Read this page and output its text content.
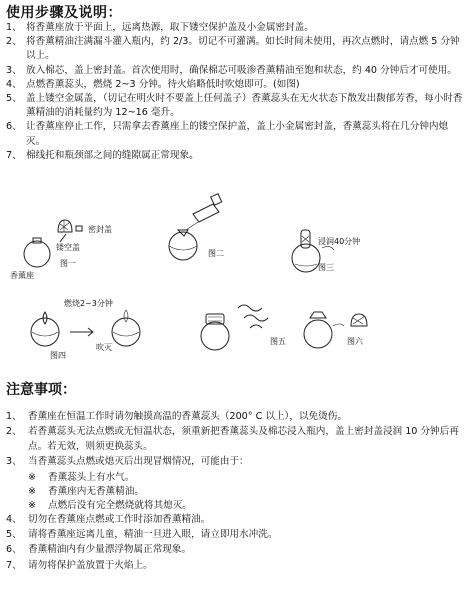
使用步骤及说明：
1、 将香薰座放于平面上，远离热源，取下镂空保护盖及小金属密封盖。
2、 将香薰精油注满漏斗灌入瓶内，约 2/3。切记不可灌满。如长时间未使用，再次点燃时，请点燃 5 分钟以上。
3、 放入棉芯，盖上密封盖。首次使用时，确保棉芯可吸渗香薰精油至饱和状态，约 40 分钟后才可使用。
4、 点燃香薰蕊头，燃烧 2~3 分钟。待火焰略低时吹熄即可。(如图)
5、 盖上镂空金属盖，（切记在明火时不要盖上任何盖子）香薰蕊头在无火状态下散发出馥郁芳香，每小时香薰精油的消耗量约为 12~16 毫升。
6、 让香薰座停止工作，只需拿去香薰座上的镂空保护盖，盖上小金属密封盖，香薰蕊头将在几分钟内熄灭。
7、 棉线托和瓶颈部之间的缝隙属正常现象。
密封盖
镂空盖
香薰座
图一
图二
浸润40分钟
图三
燃烧2~3分钟
图四
吹灭
图五	图六
注意事项：
1、 香薰座在恒温工作时请勿触摸高温的香薰蕊头（200° C 以上），以免烫伤。
2、 若香薰蕊头无法点燃或无恒温状态，须重新把香薰蕊头及棉芯浸入瓶内，盖上密封盖浸润 10 分钟后再点。若无效，则须更换蕊头。
3、 当香薰蕊头点燃或熄灭后出现冒烟情况，可能由于：
※	香薰蕊头上有水气。
※	香薰座内无香薰精油。
※	点燃后没有完全燃烧就将其熄灭。
4、 切勿在香薰座点燃或工作时添加香薰精油。
5、 请将香薰座远离儿童，精油一旦进入眼，请立即用水冲洗。
6、 香薰精油内有少量漂浮物属正常现象。
7、 请勿将保护盖放置于火焰上。
